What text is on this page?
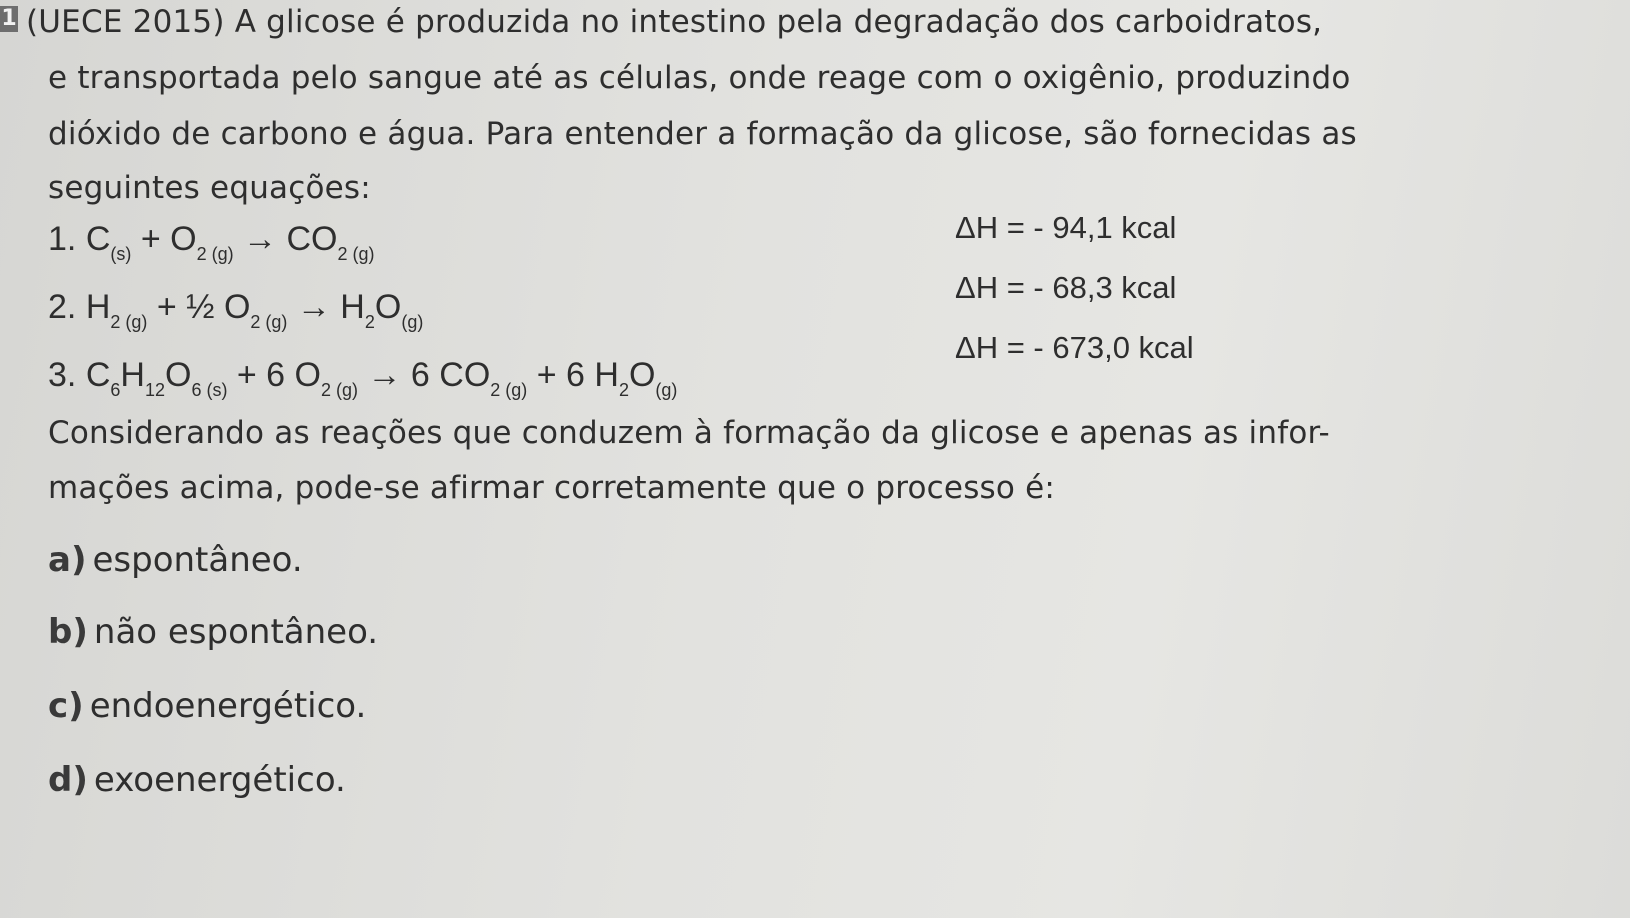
1 (UECE 2015) A glicose é produzida no intestino pela degradação dos carboidratos,
e transportada pelo sangue até as células, onde reage com o oxigênio, produzindo
dióxido de carbono e água. Para entender a formação da glicose, são fornecidas as
seguintes equações:
1. $C_{(s)} + O_{2 (g)} \to CO_{2 (g)}$
ΔH = - 94,1 kcal
2. $H_{2 (g)}$ + ½ $O_{2 (g)} \to H_2O_{(g)}$
ΔH = - 68,3 kcal
3. $C_6H_{12}O_{6 (s)} + 6$ $O_{2 (g)} \to 6$ $CO_{2 (g)} + 6$ $H_2O_{(g)}$
ΔH = - 673,0 kcal
Considerando as reações que conduzem à formação da glicose e apenas as infor-
mações acima, pode-se afirmar corretamente que o processo é:
a) espontâneo.
b) não espontâneo.
c) endoenergético.
d) exoenergético.
